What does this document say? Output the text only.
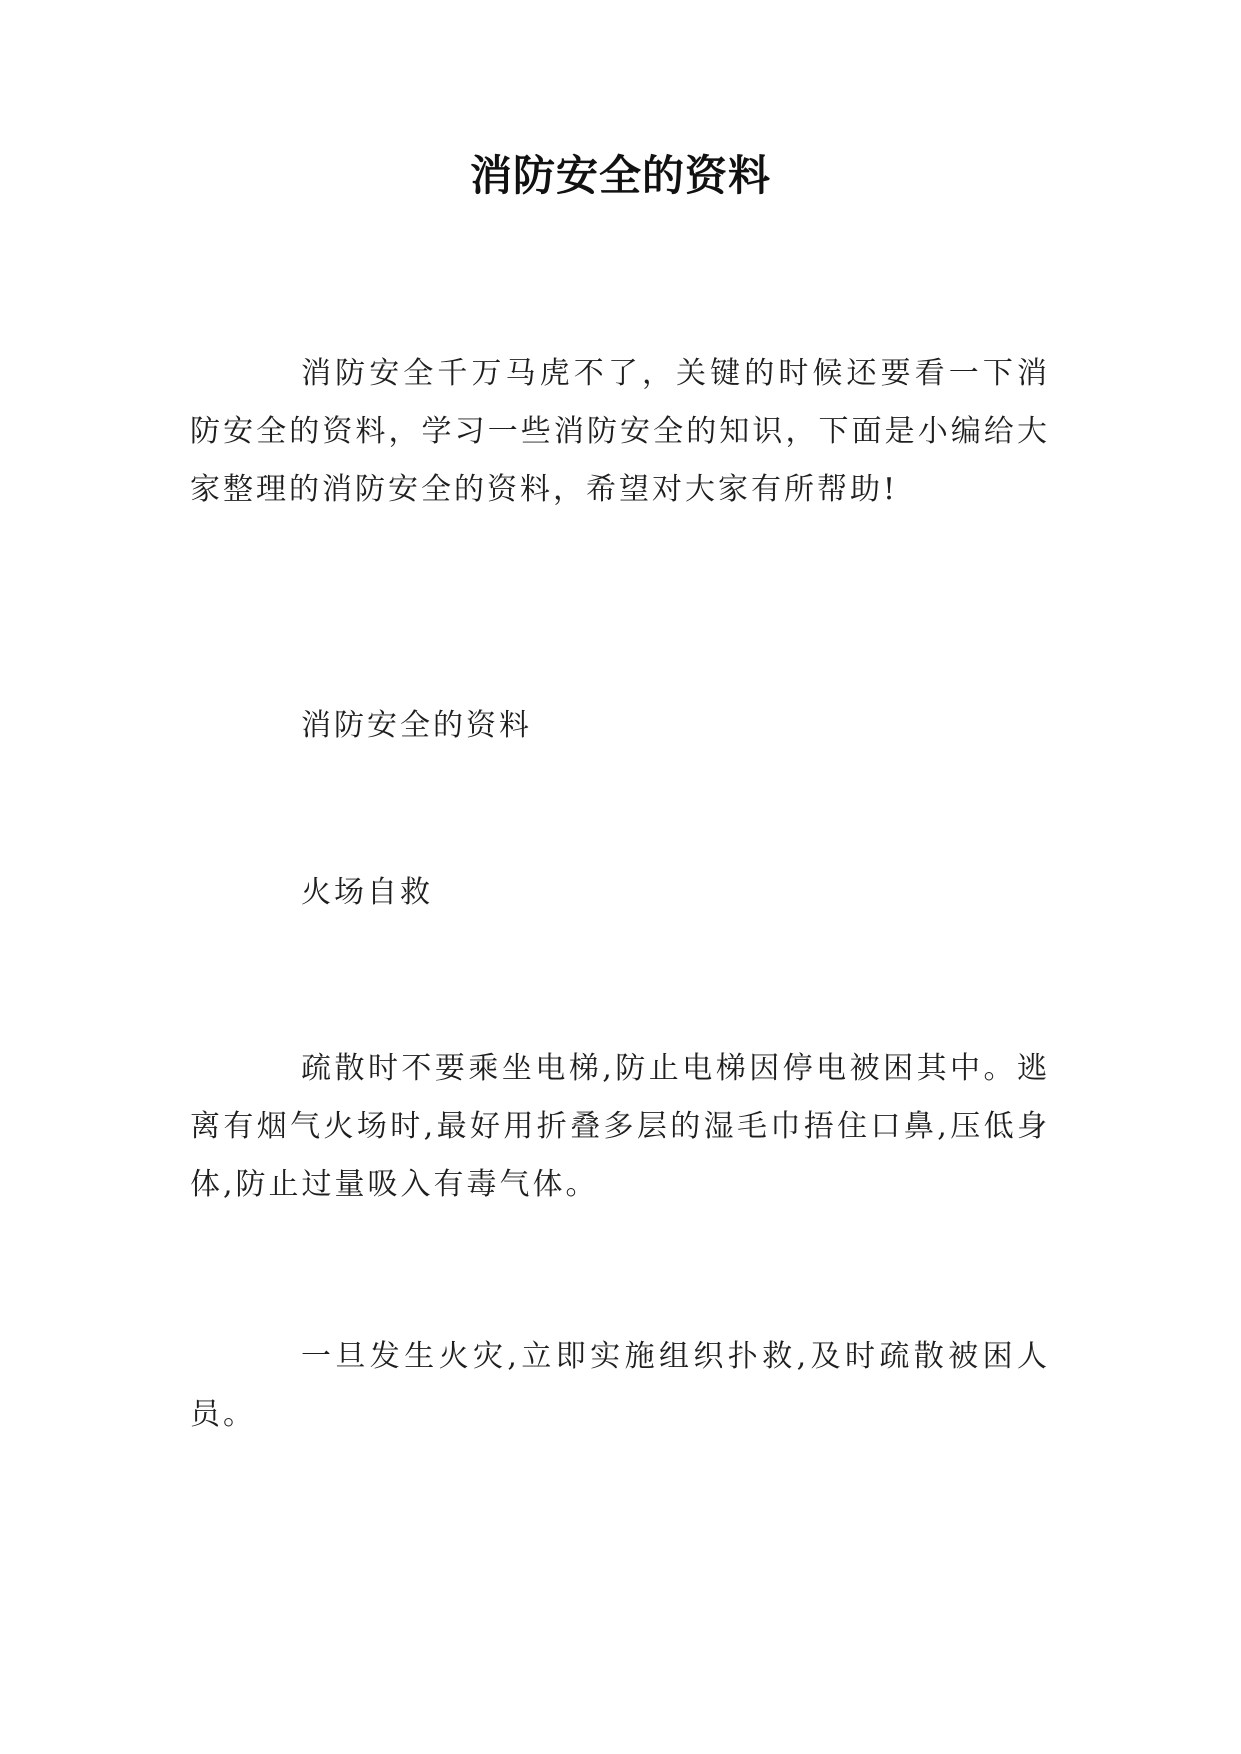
消防安全的资料

消防安全千万马虎不了，关键的时候还要看一下消防安全的资料，学习一些消防安全的知识，下面是小编给大家整理的消防安全的资料，希望对大家有所帮助!

消防安全的资料

火场自救

疏散时不要乘坐电梯,防止电梯因停电被困其中。逃离有烟气火场时,最好用折叠多层的湿毛巾捂住口鼻,压低身体,防止过量吸入有毒气体。

一旦发生火灾,立即实施组织扑救,及时疏散被困人员。
